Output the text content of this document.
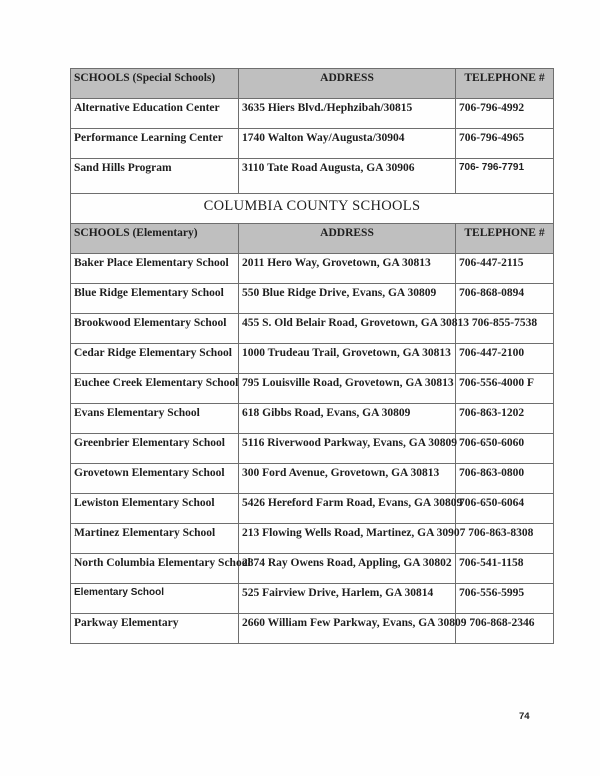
SCHOOLS (Special Schools)	ADDRESS	TELEPHONE #
Alternative Education Center	3635 Hiers Blvd./Hephzibah/30815	706-796-4992
Performance Learning Center	1740 Walton Way/Augusta/30904	706-796-4965
Sand Hills Program	3110 Tate Road Augusta, GA 30906	706- 796-7791
COLUMBIA COUNTY SCHOOLS		
SCHOOLS (Elementary)	ADDRESS	TELEPHONE #
Baker Place Elementary School	2011 Hero Way, Grovetown, GA 30813	706-447-2115
Blue Ridge Elementary School	550 Blue Ridge Drive, Evans, GA 30809	706-868-0894
Brookwood Elementary School	455 S. Old Belair Road, Grovetown, GA 30813 706-855-7538	
Cedar Ridge Elementary School	1000 Trudeau Trail, Grovetown, GA 30813	706-447-2100
Euchee Creek Elementary School	795 Louisville Road, Grovetown, GA 30813	706-556-4000 F
Evans Elementary School	618 Gibbs Road, Evans, GA 30809	706-863-1202
Greenbrier Elementary School	5116 Riverwood Parkway, Evans, GA 30809	706-650-6060
Grovetown Elementary School	300 Ford Avenue, Grovetown, GA 30813	706-863-0800
Lewiston Elementary School	5426 Hereford Farm Road, Evans, GA 30809	706-650-6064
Martinez Elementary School	213 Flowing Wells Road, Martinez, GA 30907 706-863-8308	
North Columbia Elementary School	2874 Ray Owens Road, Appling, GA 30802	706-541-1158
Elementary School	525 Fairview Drive, Harlem, GA 30814	706-556-5995
Parkway Elementary	2660 William Few Parkway, Evans, GA 30809 706-868-2346	
74
